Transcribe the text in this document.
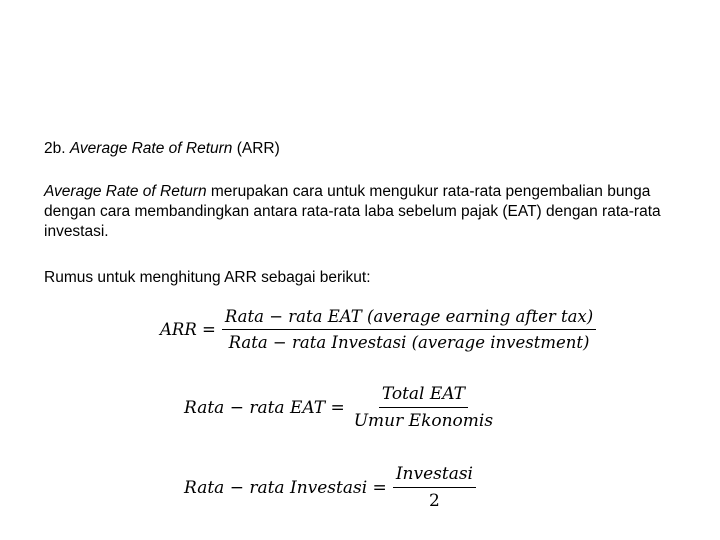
2b. Average Rate of Return (ARR)
Average Rate of Return merupakan cara untuk mengukur rata-rata pengembalian bunga dengan cara membandingkan antara rata-rata laba sebelum pajak (EAT) dengan rata-rata investasi.
Rumus untuk menghitung ARR sebagai berikut:
ARR = $\frac{\text{Rata − rata EAT (average earning after tax)}}{\text{Rata − rata Investasi (average investment)}}$
Rata − rata EAT = $\frac{\text{Total EAT}}{\text{Umur Ekonomis}}$
Rata − rata Investasi = $\frac{\text{Investasi}}{2}$
